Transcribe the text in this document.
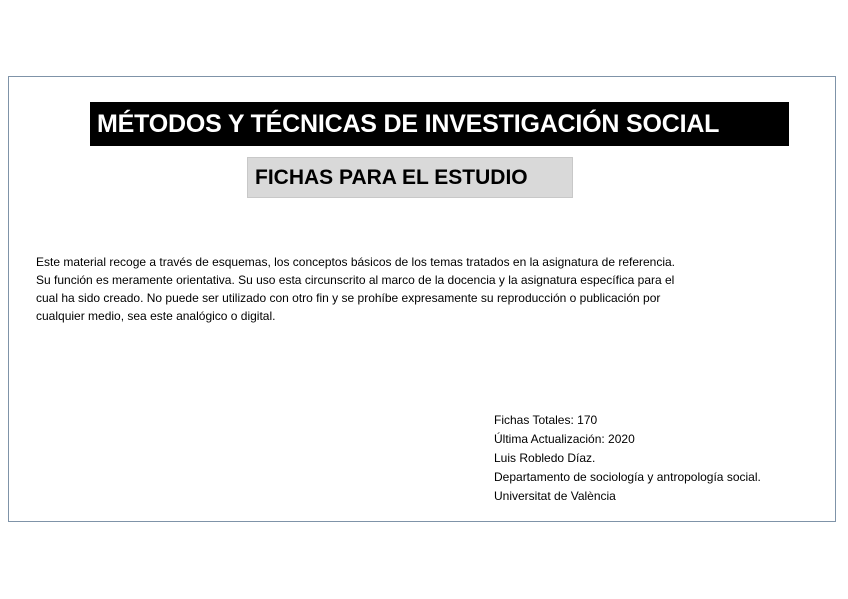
MÉTODOS Y TÉCNICAS DE INVESTIGACIÓN SOCIAL
FICHAS PARA EL ESTUDIO
Este material recoge a través de esquemas, los conceptos básicos de los temas tratados en la asignatura de referencia.
Su función es meramente orientativa. Su uso esta circunscrito al marco de la docencia y la asignatura específica para el
cual ha sido creado. No puede ser utilizado con otro fin y se prohíbe expresamente su reproducción o publicación por
cualquier medio, sea este analógico o digital.
Fichas Totales: 170
Última Actualización: 2020
Luis Robledo Díaz.
Departamento de sociología y antropología social.
Universitat de València
